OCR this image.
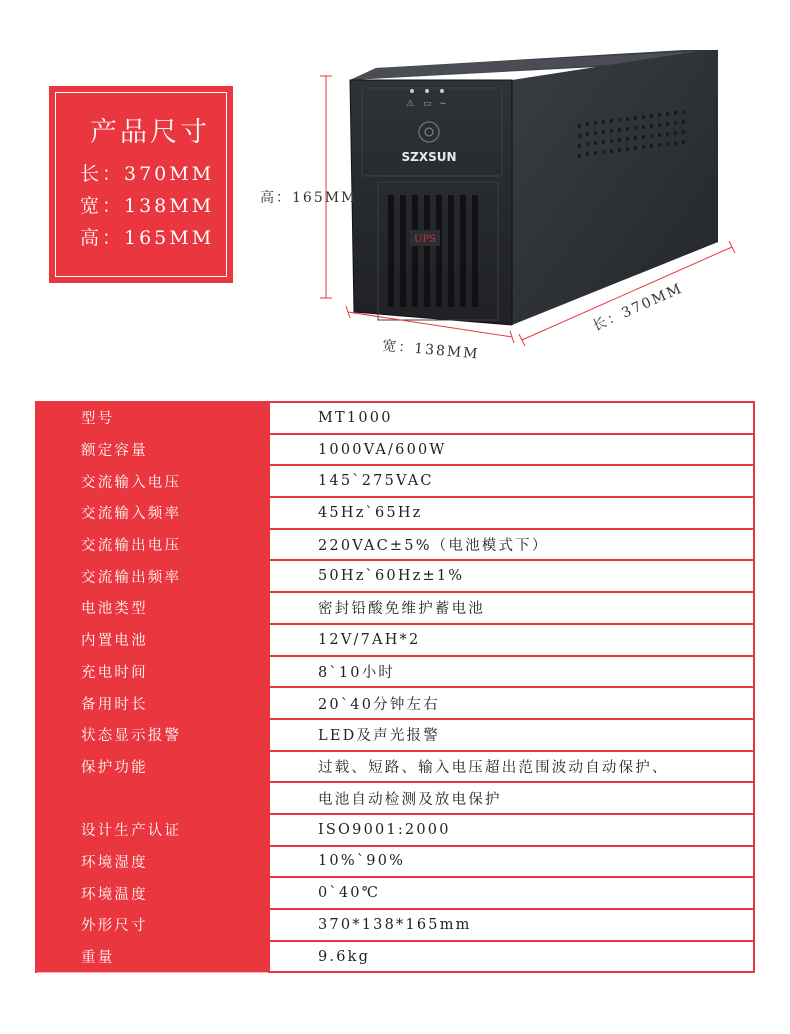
产品尺寸
长：370MM
宽：138MM
高：165MM
⚠ ▭ ~
SZXSUN
UPS
高：165MM
宽：138MM
长：370MM
型号	MT1000
额定容量	1000VA/600W
交流输入电压	145`275VAC
交流输入频率	45Hz`65Hz
交流输出电压	220VAC±5%（电池模式下）
交流输出频率	50Hz`60Hz±1%
电池类型	密封铅酸免维护蓄电池
内置电池	12V/7AH*2
充电时间	8`10小时
备用时长	20`40分钟左右
状态显示报警	LED及声光报警
保护功能	过载、短路、输入电压超出范围波动自动保护、
	电池自动检测及放电保护
设计生产认证	ISO9001:2000
环境湿度	10%`90%
环境温度	0`40℃
外形尺寸	370*138*165mm
重量	9.6kg
